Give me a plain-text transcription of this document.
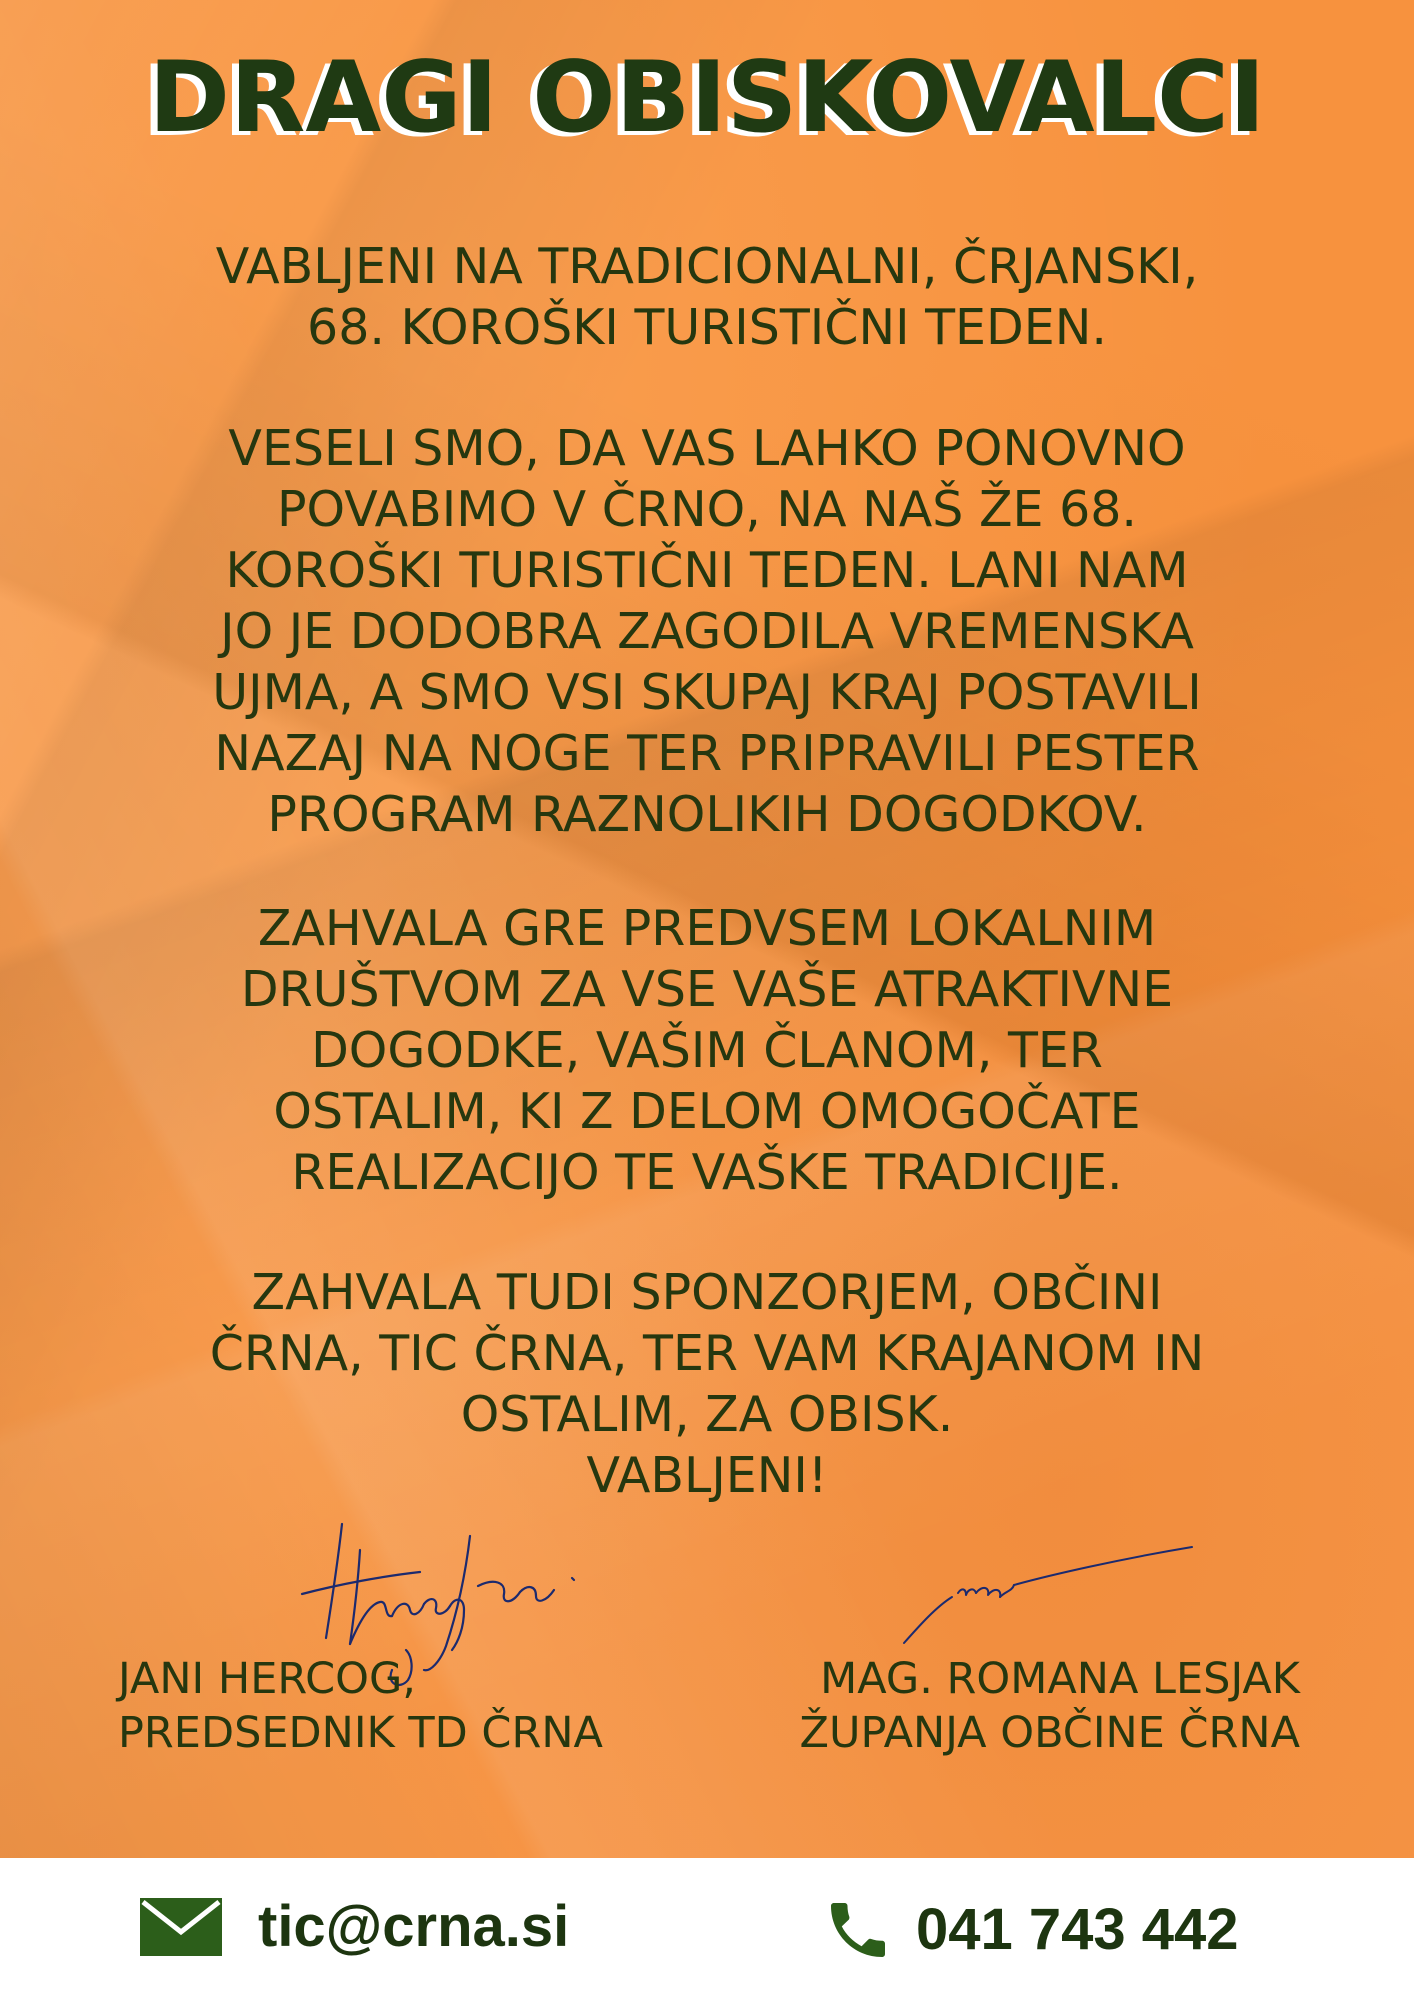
DRAGI OBISKOVALCI
VABLJENI NA TRADICIONALNI, ČRJANSKI,
68. KOROŠKI TURISTIČNI TEDEN.
VESELI SMO, DA VAS LAHKO PONOVNO
POVABIMO V ČRNO, NA NAŠ ŽE 68.
KOROŠKI TURISTIČNI TEDEN. LANI NAM
JO JE DODOBRA ZAGODILA VREMENSKA
UJMA, A SMO VSI SKUPAJ KRAJ POSTAVILI
NAZAJ NA NOGE TER PRIPRAVILI PESTER
PROGRAM RAZNOLIKIH DOGODKOV.
ZAHVALA GRE PREDVSEM LOKALNIM
DRUŠTVOM ZA VSE VAŠE ATRAKTIVNE
DOGODKE, VAŠIM ČLANOM, TER
OSTALIM, KI Z DELOM OMOGOČATE
REALIZACIJO TE VAŠKE TRADICIJE.
ZAHVALA TUDI SPONZORJEM, OBČINI
ČRNA, TIC ČRNA, TER VAM KRAJANOM IN
OSTALIM, ZA OBISK.
VABLJENI!
JANI HERCOG,
PREDSEDNIK TD ČRNA
MAG. ROMANA LESJAK
ŽUPANJA OBČINE ČRNA
tic@crna.si	041 743 442
